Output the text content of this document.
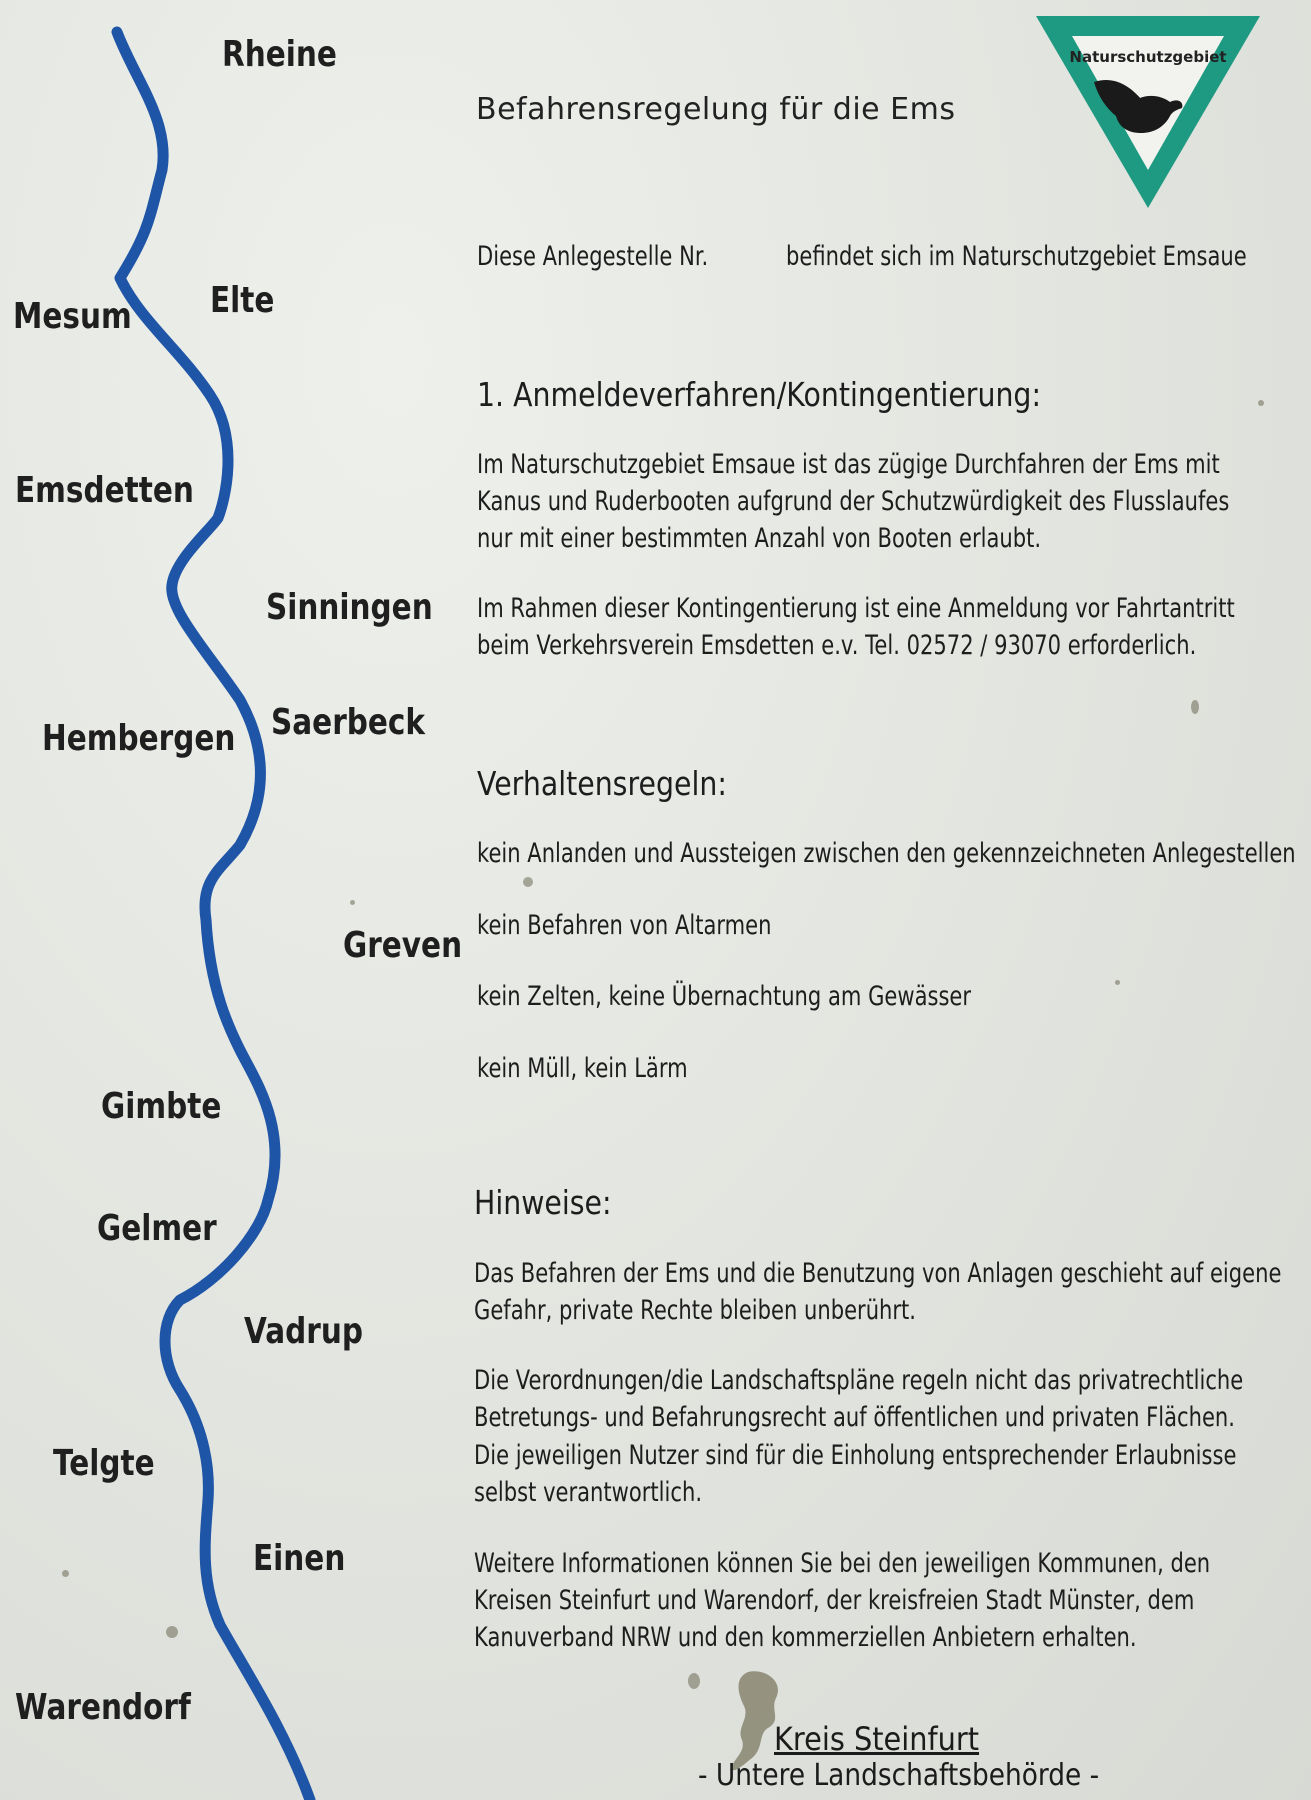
Rheine
Elte
Mesum
Emsdetten
Sinningen
Hembergen Saerbeck
Greven
Gimbte
Gelmer
Vadrup
Telgte
Einen
Warendorf
Befahrensregelung für die Ems
Naturschutzgebiet
Diese Anlegestelle Nr.	befindet sich im Naturschutzgebiet Emsaue
1. Anmeldeverfahren/Kontingentierung:
Im Naturschutzgebiet Emsaue ist das zügige Durchfahren der Ems mit
Kanus und Ruderbooten aufgrund der Schutzwürdigkeit des Flusslaufes
nur mit einer bestimmten Anzahl von Booten erlaubt.
Im Rahmen dieser Kontingentierung ist eine Anmeldung vor Fahrtantritt
beim Verkehrsverein Emsdetten e.v. Tel. 02572 / 93070 erforderlich.
Verhaltensregeln:
kein Anlanden und Aussteigen zwischen den gekennzeichneten Anlegestellen
kein Befahren von Altarmen
kein Zelten, keine Übernachtung am Gewässer
kein Müll, kein Lärm
Hinweise:
Das Befahren der Ems und die Benutzung von Anlagen geschieht auf eigene
Gefahr, private Rechte bleiben unberührt.
Die Verordnungen/die Landschaftspläne regeln nicht das privatrechtliche
Betretungs- und Befahrungsrecht auf öffentlichen und privaten Flächen.
Die jeweiligen Nutzer sind für die Einholung entsprechender Erlaubnisse
selbst verantwortlich.
Weitere Informationen können Sie bei den jeweiligen Kommunen, den
Kreisen Steinfurt und Warendorf, der kreisfreien Stadt Münster, dem
Kanuverband NRW und den kommerziellen Anbietern erhalten.
Kreis Steinfurt
- Untere Landschaftsbehörde -
